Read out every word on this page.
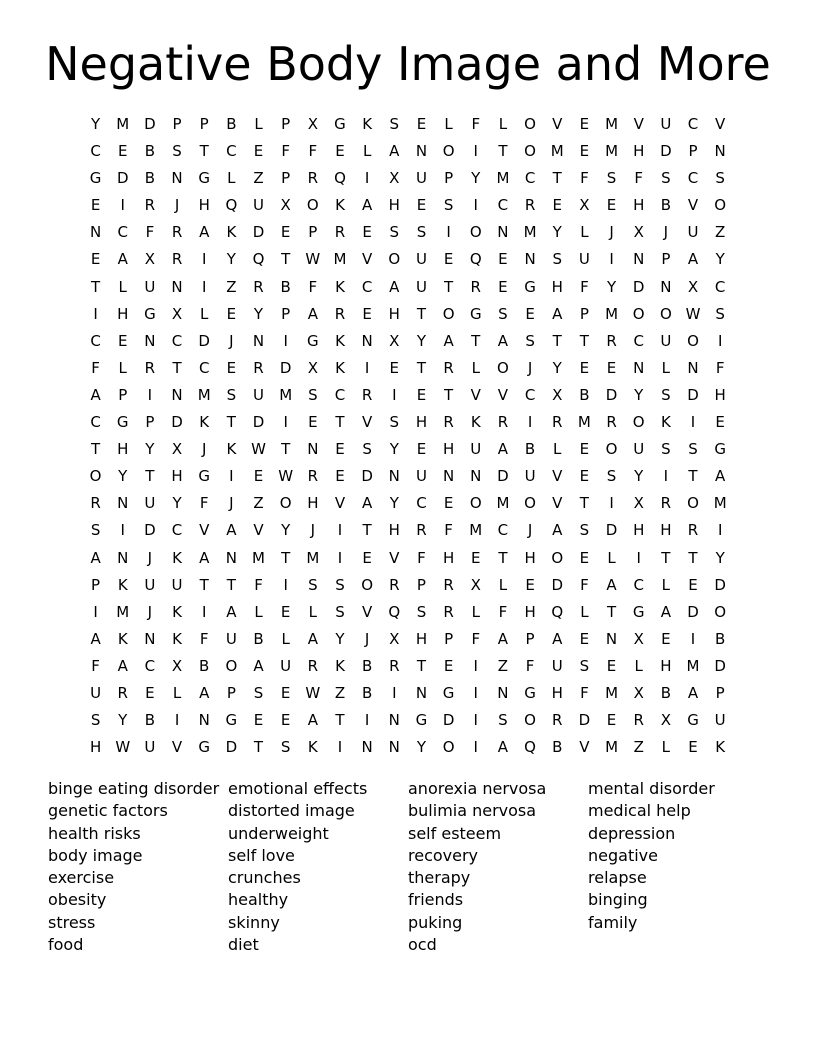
Negative Body Image and More
Y	M D	P	P	B	L	P	X	G	K	S	E	L	F	L	O	V	E	M	V	U	C	V
C	E	B	S	T	C	E	F	F	E	L	A	N	O	I	T	O M	E	M	H	D	P	N
G	D	B	N	G	L	Z	P	R	Q	I	X	U	P	Y	M	C	T	F	S	F	S	C	S
E	I	R	J	H	Q	U	X	O	K	A	H	E	S	I	C	R	E	X	E	H	B	V	O
N	C	F	R	A	K	D	E	P	R	E	S	S	I	O	N	M	Y	L	J	X	J	U	Z
E	A	X	R	I	Y	Q	T	W M	V	O	U	E	Q	E	N	S	U	I	N	P	A	Y
T	L	U	N	I	Z	R	B	F	K	C	A	U	T	R	E	G	H	F	Y	D	N	X	C
I	H	G	X	L	E	Y	P	A	R	E	H	T	O	G	S	E	A	P	M O	O W S
C	E	N	C	D	J	N	I	G	K	N	X	Y	A	T	A	S	T	T	R	C	U	O	I
F	L	R	T	C	E	R	D	X	K	I	E	T	R	L	O	J	Y	E	E	N	L	N	F
A	P	I	N	M	S	U	M	S	C	R	I	E	T	V	V	C	X	B	D	Y	S	D	H
C	G	P	D	K	T	D	I	E	T	V	S	H	R	K	R	I	R	M	R	O	K	I	E
T	H	Y	X	J	K W	T	N	E	S	Y	E	H	U	A	B	L	E	O	U	S	S	G
O	Y	T	H	G	I	E	W R	E	D	N	U	N	N	D	U	V	E	S	Y	I	T	A
R	N	U	Y	F	J	Z	O	H	V	A	Y	C	E	O M O	V	T	I	X	R	O M
S	I	D	C	V	A	V	Y	J	I	T	H	R	F	M	C	J	A	S	D	H	H	R	I
A	N	J	K	A	N	M	T	M	I	E	V	F	H	E	T	H	O	E	L	I	T	T	Y
P	K	U	U	T	T	F	I	S	S	O	R	P	R	X	L	E	D	F	A	C	L	E	D
I	M	J	K	I	A	L	E	L	S	V	Q	S	R	L	F	H	Q	L	T	G	A	D	O
A	K	N	K	F	U	B	L	A	Y	J	X	H	P	F	A	P	A	E	N	X	E	I	B
F	A	C	X	B	O	A	U	R	K	B	R	T	E	I	Z	F	U	S	E	L	H	M D
U	R	E	L	A	P	S	E	W Z	B	I	N	G	I	N	G	H	F	M	X	B	A	P
S	Y	B	I	N	G	E	E	A	T	I	N	G	D	I	S	O	R	D	E	R	X	G	U
H W U	V	G	D	T	S	K	I	N	N	Y	O	I	A	Q	B	V	M	Z	L	E	K
binge eating disorder
genetic factors
health risks
body image
exercise
obesity
stress
food
emotional effects
distorted image
underweight
self love
crunches
healthy
skinny
diet
anorexia nervosa
bulimia nervosa
self esteem
recovery
therapy
friends
puking
ocd
mental disorder
medical help
depression
negative
relapse
binging
family
